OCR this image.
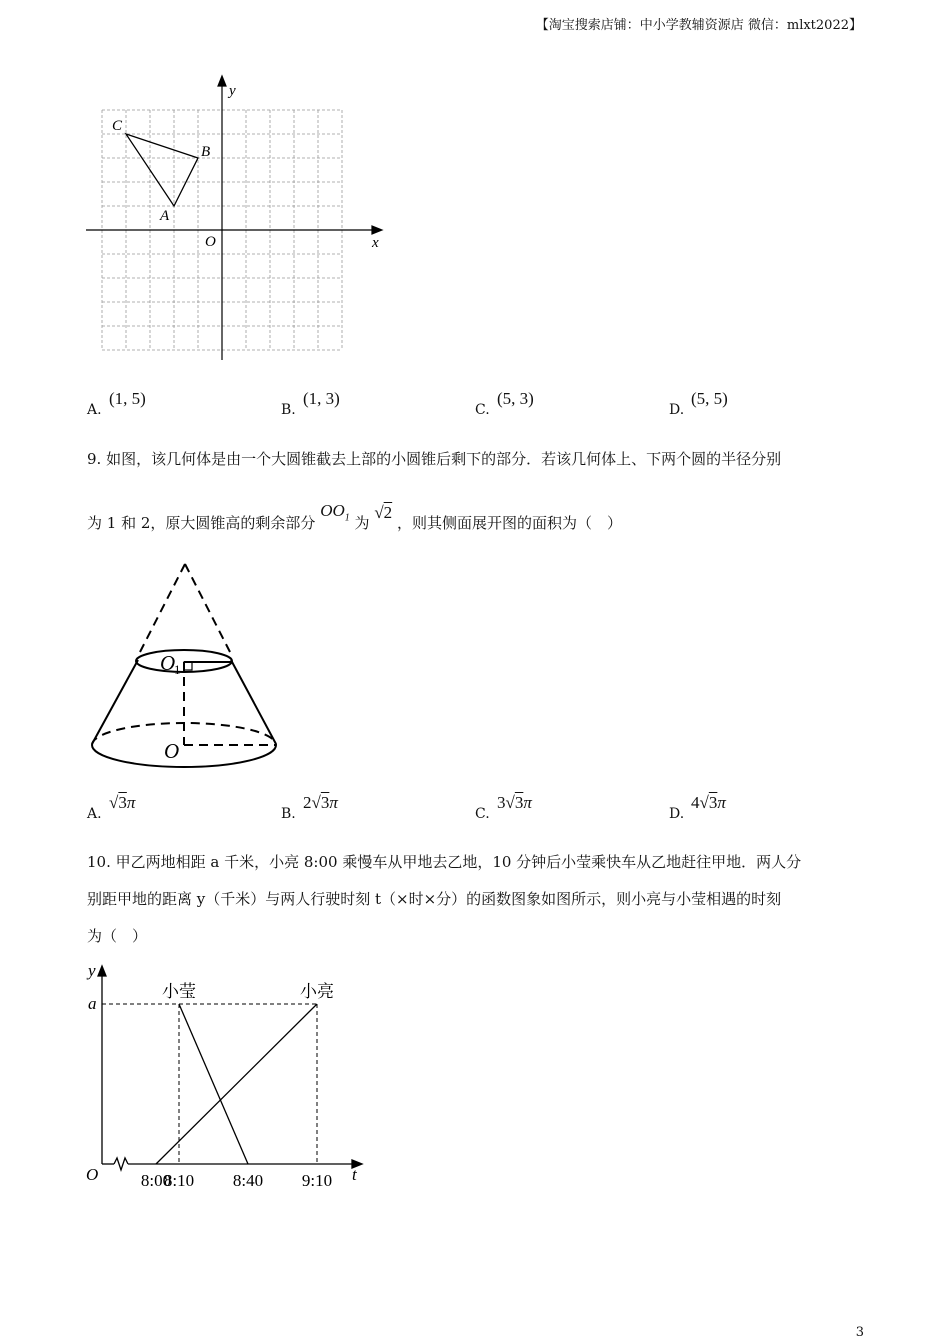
【淘宝搜索店铺：中小学教辅资源店 微信：mlxt2022】
x
y
O
A
B
C
A.
(1, 5)
B.
(1, 3)
C.
(5, 3)
D.
(5, 5)
9. 如图，该几何体是由一个大圆锥截去上部的小圆锥后剩下的部分．若该几何体上、下两个圆的半径分别
为 1 和 2，原大圆锥高的剩余部分 $OO_1$ 为 √2 ，则其侧面展开图的面积为（　）
O
1
O
A.
√3π
B.
2√3π
C.
3√3π
D.
4√3π
10. 甲乙两地相距 a 千米，小亮 8:00 乘慢车从甲地去乙地，10 分钟后小莹乘快车从乙地赶往甲地．两人分
别距甲地的距离 y（千米）与两人行驶时刻 t（×时×分）的函数图象如图所示，则小亮与小莹相遇的时刻
为（　）
小亮
小莹
8:00
8:10 8:40 9:10
y
t
O
a
3
